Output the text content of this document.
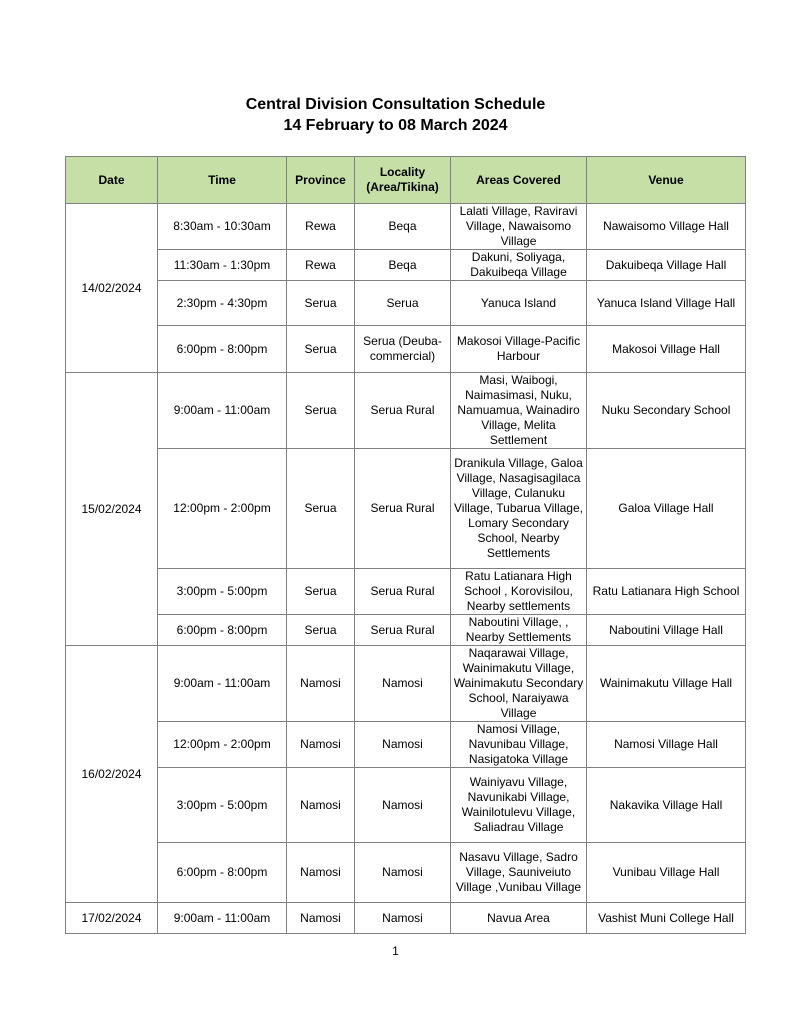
Central Division Consultation Schedule
14 February to 08 March 2024
Date	Time	Province	Locality (Area/Tikina)	Areas Covered	Venue
14/02/2024	8:30am - 10:30am	Rewa	Beqa	Lalati Village, Raviravi Village, Nawaisomo Village	Nawaisomo Village Hall
	11:30am - 1:30pm	Rewa	Beqa	Dakuni, Soliyaga, Dakuibeqa Village	Dakuibeqa Village Hall
	2:30pm - 4:30pm	Serua	Serua	Yanuca Island	Yanuca Island Village Hall
	6:00pm - 8:00pm	Serua	Serua (Deuba-commercial)	Makosoi Village-Pacific Harbour	Makosoi Village Hall
15/02/2024	9:00am - 11:00am	Serua	Serua Rural	Masi, Waibogi, Naimasimasi, Nuku, Namuamua, Wainadiro Village, Melita Settlement	Nuku Secondary School
	12:00pm - 2:00pm	Serua	Serua Rural	Dranikula Village, Galoa Village, Nasagisagilaca Village, Culanuku Village, Tubarua Village, Lomary Secondary School, Nearby Settlements	Galoa Village Hall
	3:00pm - 5:00pm	Serua	Serua Rural	Ratu Latianara High School , Korovisilou, Nearby settlements	Ratu Latianara High School
	6:00pm - 8:00pm	Serua	Serua Rural	Naboutini Village, , Nearby Settlements	Naboutini Village Hall
16/02/2024	9:00am - 11:00am	Namosi	Namosi	Naqarawai Village, Wainimakutu Village, Wainimakutu Secondary School, Naraiyawa Village	Wainimakutu Village Hall
	12:00pm - 2:00pm	Namosi	Namosi	Namosi Village, Navunibau Village, Nasigatoka Village	Namosi Village Hall
	3:00pm - 5:00pm	Namosi	Namosi	Wainiyavu Village, Navunikabi Village, Wainilotulevu Village, Saliadrau Village	Nakavika Village Hall
	6:00pm - 8:00pm	Namosi	Namosi	Nasavu Village, Sadro Village, Sauniveiuto Village ,Vunibau Village	Vunibau Village Hall
17/02/2024	9:00am - 11:00am	Namosi	Namosi	Navua Area	Vashist Muni College Hall
1
